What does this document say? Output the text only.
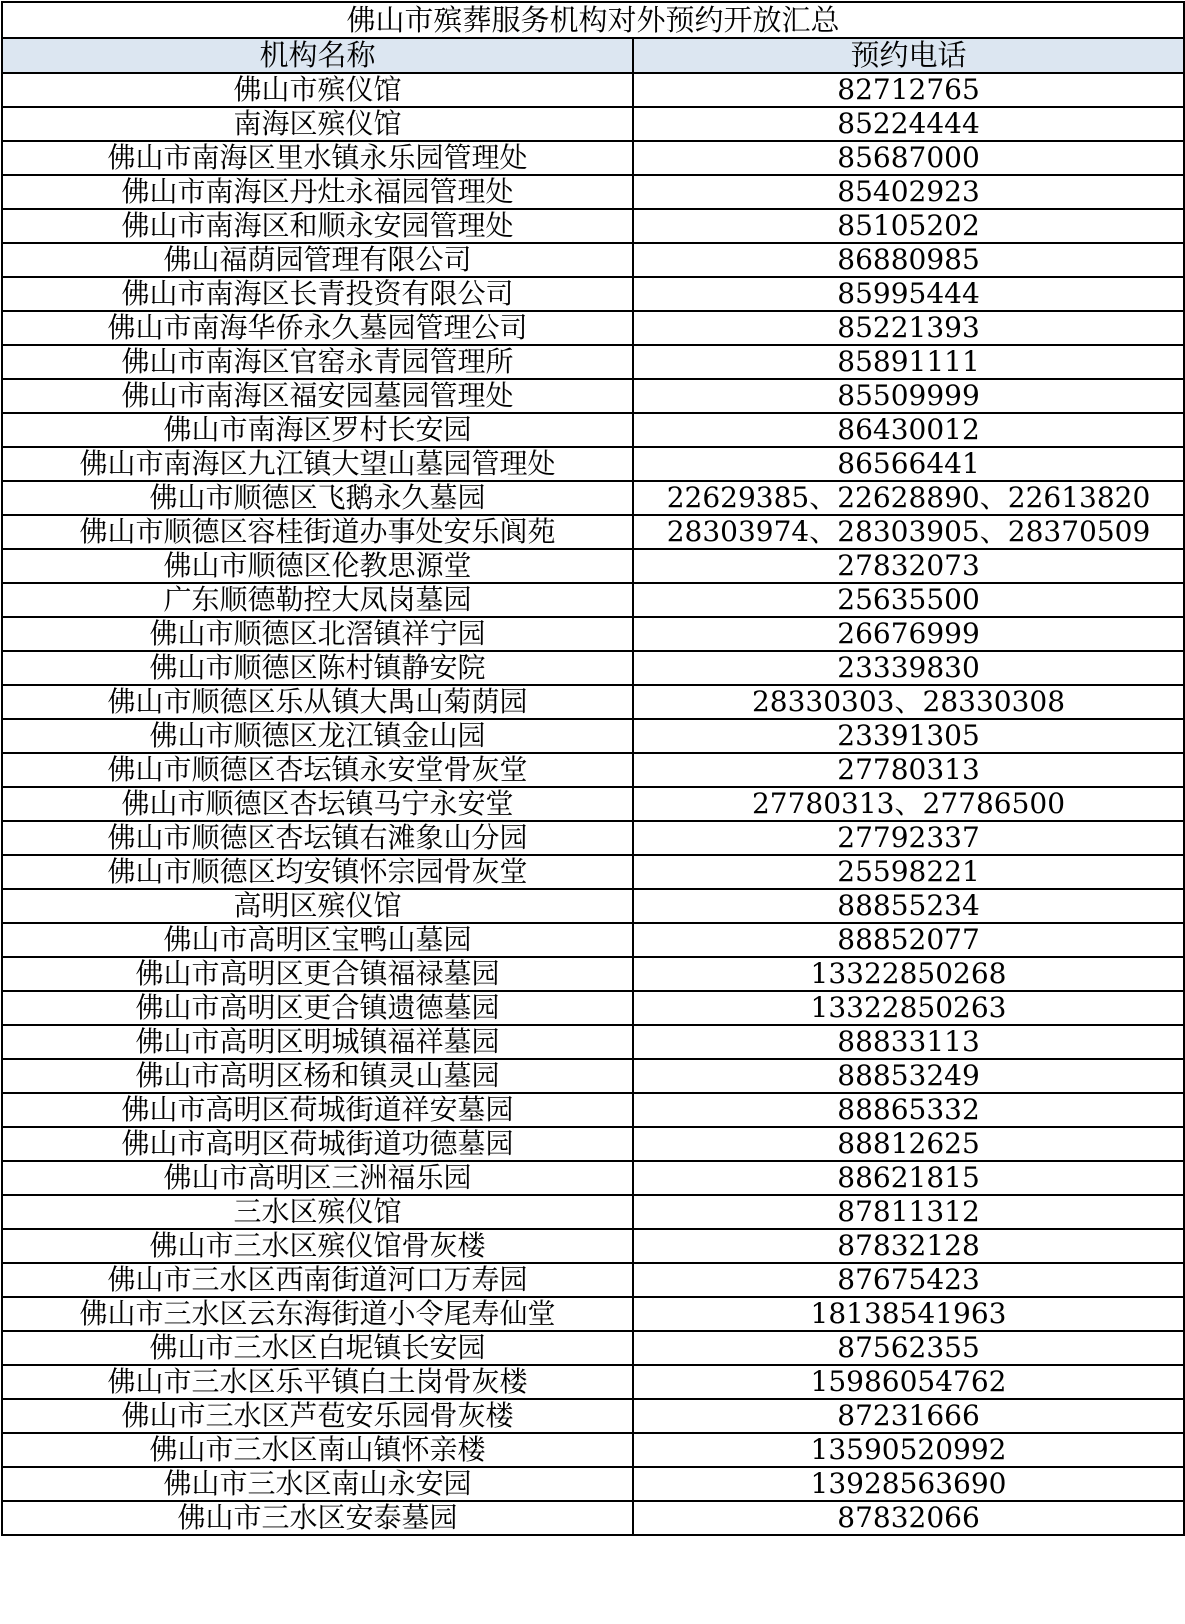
佛山市殡葬服务机构对外预约开放汇总	
机构名称	预约电话
佛山市殡仪馆	82712765
南海区殡仪馆	85224444
佛山市南海区里水镇永乐园管理处	85687000
佛山市南海区丹灶永福园管理处	85402923
佛山市南海区和顺永安园管理处	85105202
佛山福荫园管理有限公司	86880985
佛山市南海区长青投资有限公司	85995444
佛山市南海华侨永久墓园管理公司	85221393
佛山市南海区官窑永青园管理所	85891111
佛山市南海区福安园墓园管理处	85509999
佛山市南海区罗村长安园	86430012
佛山市南海区九江镇大望山墓园管理处	86566441
佛山市顺德区飞鹅永久墓园	22629385、22628890、22613820
佛山市顺德区容桂街道办事处安乐阆苑	28303974、28303905、28370509
佛山市顺德区伦教思源堂	27832073
广东顺德勒控大凤岗墓园	25635500
佛山市顺德区北滘镇祥宁园	26676999
佛山市顺德区陈村镇静安院	23339830
佛山市顺德区乐从镇大禺山菊荫园	28330303、28330308
佛山市顺德区龙江镇金山园	23391305
佛山市顺德区杏坛镇永安堂骨灰堂	27780313
佛山市顺德区杏坛镇马宁永安堂	27780313、27786500
佛山市顺德区杏坛镇右滩象山分园	27792337
佛山市顺德区均安镇怀宗园骨灰堂	25598221
高明区殡仪馆	88855234
佛山市高明区宝鸭山墓园	88852077
佛山市高明区更合镇福禄墓园	13322850268
佛山市高明区更合镇遗德墓园	13322850263
佛山市高明区明城镇福祥墓园	88833113
佛山市高明区杨和镇灵山墓园	88853249
佛山市高明区荷城街道祥安墓园	88865332
佛山市高明区荷城街道功德墓园	88812625
佛山市高明区三洲福乐园	88621815
三水区殡仪馆	87811312
佛山市三水区殡仪馆骨灰楼	87832128
佛山市三水区西南街道河口万寿园	87675423
佛山市三水区云东海街道小令尾寿仙堂	18138541963
佛山市三水区白坭镇长安园	87562355
佛山市三水区乐平镇白土岗骨灰楼	15986054762
佛山市三水区芦苞安乐园骨灰楼	87231666
佛山市三水区南山镇怀亲楼	13590520992
佛山市三水区南山永安园	13928563690
佛山市三水区安泰墓园	87832066
